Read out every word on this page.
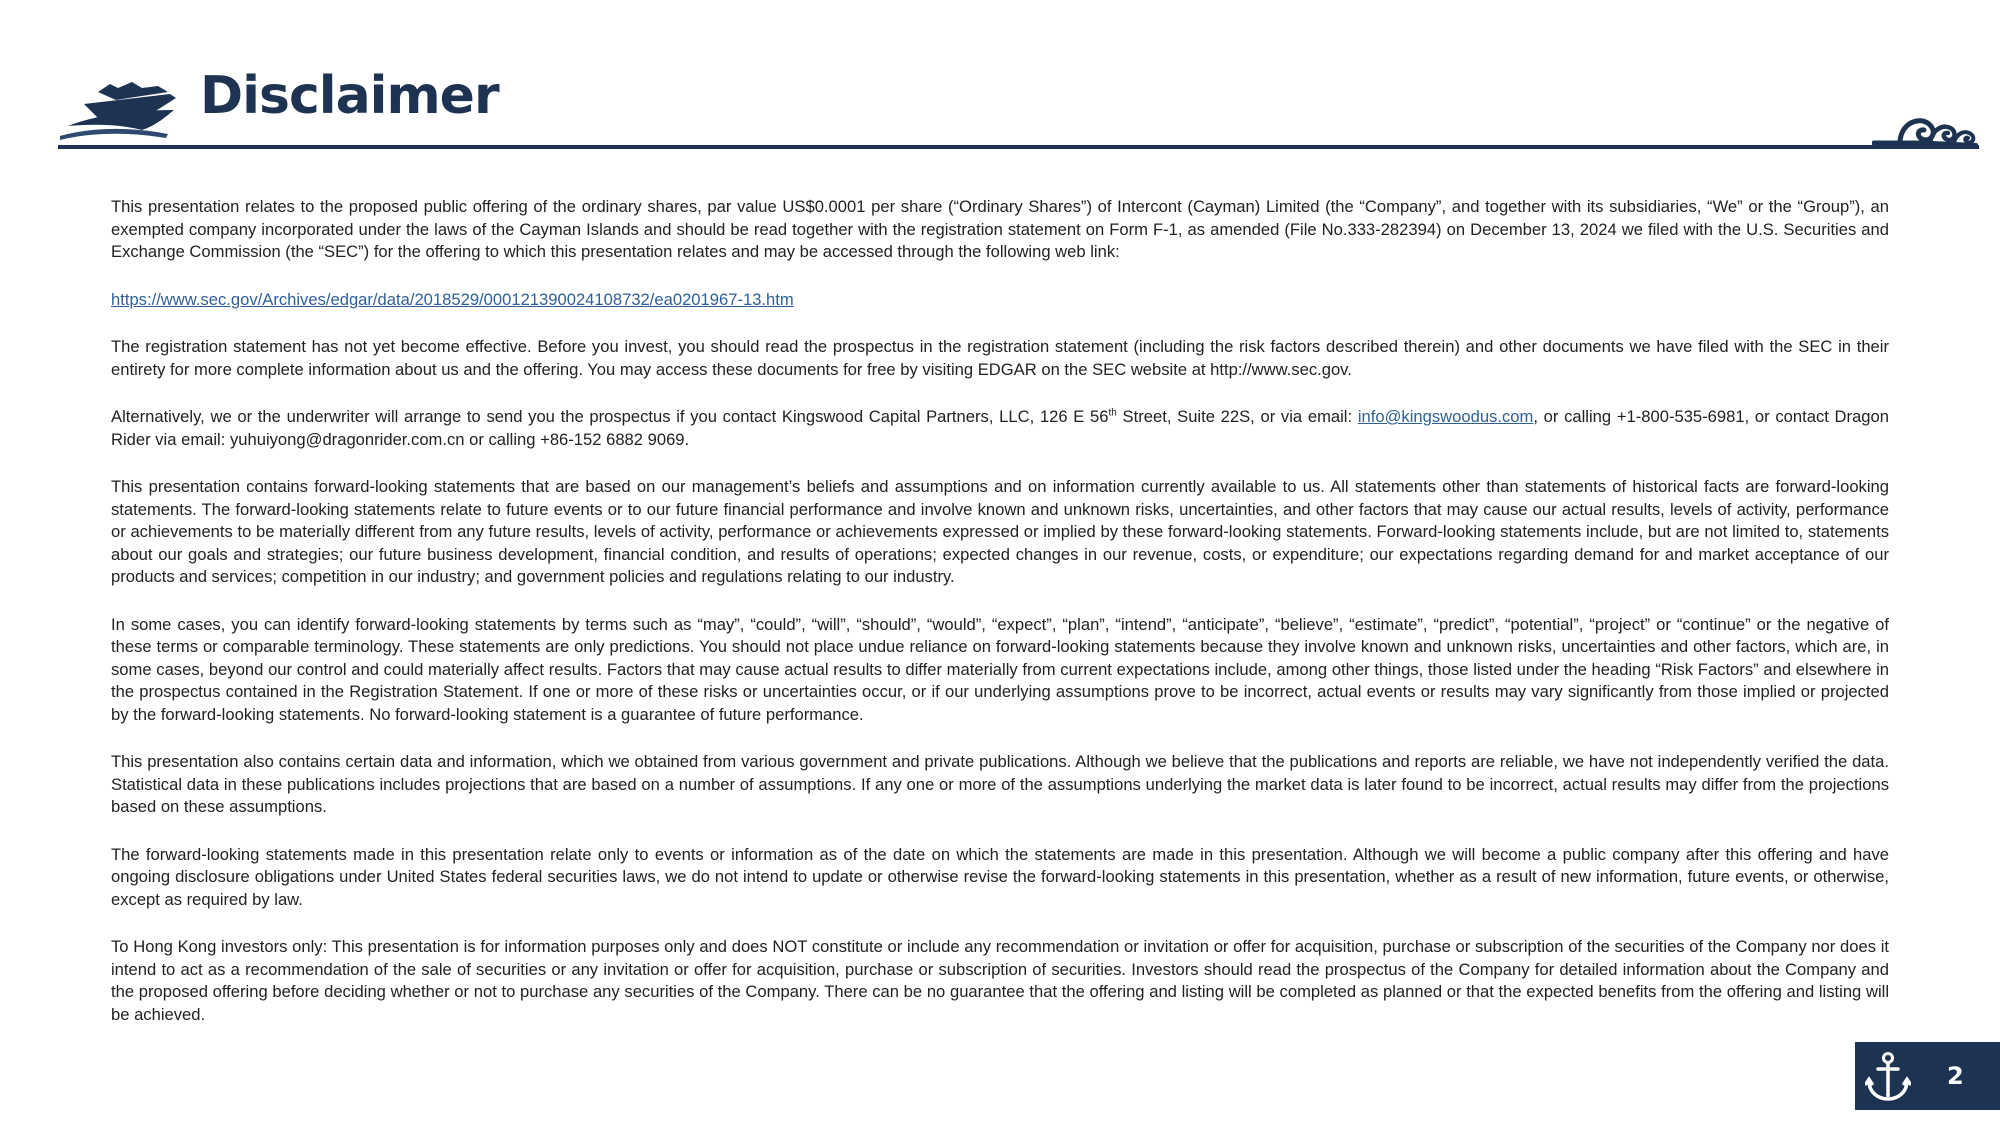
Disclaimer

This presentation relates to the proposed public offering of the ordinary shares, par value US$0.0001 per share (“Ordinary Shares”) of Intercont (Cayman) Limited (the “Company”, and together with its subsidiaries, “We” or the “Group”), an exempted company incorporated under the laws of the Cayman Islands and should be read together with the registration statement on Form F-1, as amended (File No.333-282394) on December 13, 2024 we filed with the U.S. Securities and Exchange Commission (the “SEC”) for the offering to which this presentation relates and may be accessed through the following web link:

https://www.sec.gov/Archives/edgar/data/2018529/000121390024108732/ea0201967-13.htm

The registration statement has not yet become effective. Before you invest, you should read the prospectus in the registration statement (including the risk factors described therein) and other documents we have filed with the SEC in their entirety for more complete information about us and the offering. You may access these documents for free by visiting EDGAR on the SEC website at http://www.sec.gov.

Alternatively, we or the underwriter will arrange to send you the prospectus if you contact Kingswood Capital Partners, LLC, 126 E 56th Street, Suite 22S, or via email: info@kingswoodus.com, or calling +1-800-535-6981, or contact Dragon Rider via email: yuhuiyong@dragonrider.com.cn or calling +86-152 6882 9069.

This presentation contains forward-looking statements that are based on our management’s beliefs and assumptions and on information currently available to us. All statements other than statements of historical facts are forward-looking statements. The forward-looking statements relate to future events or to our future financial performance and involve known and unknown risks, uncertainties, and other factors that may cause our actual results, levels of activity, performance or achievements to be materially different from any future results, levels of activity, performance or achievements expressed or implied by these forward-looking statements. Forward-looking statements include, but are not limited to, statements about our goals and strategies; our future business development, financial condition, and results of operations; expected changes in our revenue, costs, or expenditure; our expectations regarding demand for and market acceptance of our products and services; competition in our industry; and government policies and regulations relating to our industry.

In some cases, you can identify forward-looking statements by terms such as “may”, “could”, “will”, “should”, “would”, “expect”, “plan”, “intend”, “anticipate”, “believe”, “estimate”, “predict”, “potential”, “project” or “continue” or the negative of these terms or comparable terminology. These statements are only predictions. You should not place undue reliance on forward-looking statements because they involve known and unknown risks, uncertainties and other factors, which are, in some cases, beyond our control and could materially affect results. Factors that may cause actual results to differ materially from current expectations include, among other things, those listed under the heading “Risk Factors” and elsewhere in the prospectus contained in the Registration Statement. If one or more of these risks or uncertainties occur, or if our underlying assumptions prove to be incorrect, actual events or results may vary significantly from those implied or projected by the forward-looking statements. No forward-looking statement is a guarantee of future performance.

This presentation also contains certain data and information, which we obtained from various government and private publications. Although we believe that the publications and reports are reliable, we have not independently verified the data. Statistical data in these publications includes projections that are based on a number of assumptions. If any one or more of the assumptions underlying the market data is later found to be incorrect, actual results may differ from the projections based on these assumptions.

The forward-looking statements made in this presentation relate only to events or information as of the date on which the statements are made in this presentation. Although we will become a public company after this offering and have ongoing disclosure obligations under United States federal securities laws, we do not intend to update or otherwise revise the forward-looking statements in this presentation, whether as a result of new information, future events, or otherwise, except as required by law.

To Hong Kong investors only: This presentation is for information purposes only and does NOT constitute or include any recommendation or invitation or offer for acquisition, purchase or subscription of the securities of the Company nor does it intend to act as a recommendation of the sale of securities or any invitation or offer for acquisition, purchase or subscription of securities. Investors should read the prospectus of the Company for detailed information about the Company and the proposed offering before deciding whether or not to purchase any securities of the Company. There can be no guarantee that the offering and listing will be completed as planned or that the expected benefits from the offering and listing will be achieved.

2
